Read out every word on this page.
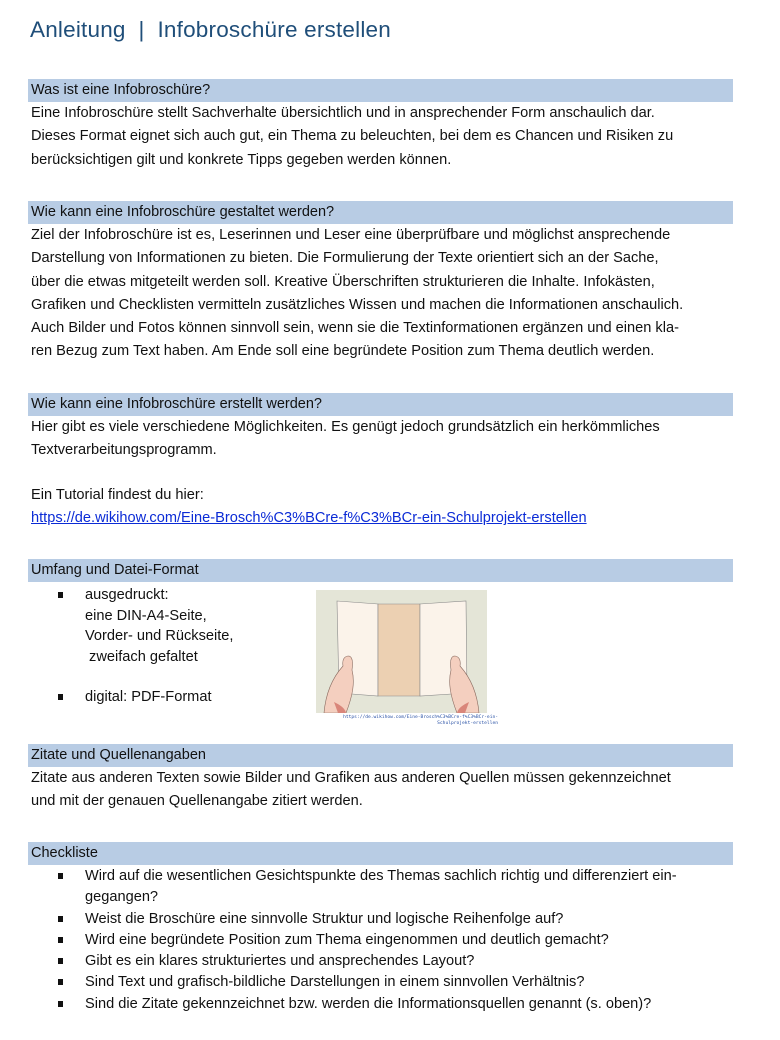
Anleitung  |  Infobroschüre erstellen
Was ist eine Infobroschüre?
Eine Infobroschüre stellt Sachverhalte übersichtlich und in ansprechender Form anschaulich dar.
Dieses Format eignet sich auch gut, ein Thema zu beleuchten, bei dem es Chancen und Risiken zu
berücksichtigen gilt und konkrete Tipps gegeben werden können.
Wie kann eine Infobroschüre gestaltet werden?
Ziel der Infobroschüre ist es, Leserinnen und Leser eine überprüfbare und möglichst ansprechende
Darstellung von Informationen zu bieten. Die Formulierung der Texte orientiert sich an der Sache,
über die etwas mitgeteilt werden soll. Kreative Überschriften strukturieren die Inhalte. Infokästen,
Grafiken und Checklisten vermitteln zusätzliches Wissen und machen die Informationen anschaulich.
Auch Bilder und Fotos können sinnvoll sein, wenn sie die Textinformationen ergänzen und einen kla-
ren Bezug zum Text haben. Am Ende soll eine begründete Position zum Thema deutlich werden.
Wie kann eine Infobroschüre erstellt werden?
Hier gibt es viele verschiedene Möglichkeiten. Es genügt jedoch grundsätzlich ein herkömmliches
Textverarbeitungsprogramm.
Ein Tutorial findest du hier:
https://de.wikihow.com/Eine-Brosch%C3%BCre-f%C3%BCr-ein-Schulprojekt-erstellen
Umfang und Datei-Format
ausgedruckt:
eine DIN-A4-Seite,
Vorder- und Rückseite,
zweifach gefaltet
digital: PDF-Format
https://de.wikihow.com/Eine-Brosch%C3%BCre-f%C3%BCr-ein-
Schulprojekt-erstellen
Zitate und Quellenangaben
Zitate aus anderen Texten sowie Bilder und Grafiken aus anderen Quellen müssen gekennzeichnet
und mit der genauen Quellenangabe zitiert werden.
Checkliste
Wird auf die wesentlichen Gesichtspunkte des Themas sachlich richtig und differenziert ein-
gegangen?
Weist die Broschüre eine sinnvolle Struktur und logische Reihenfolge auf?
Wird eine begründete Position zum Thema eingenommen und deutlich gemacht?
Gibt es ein klares strukturiertes und ansprechendes Layout?
Sind Text und grafisch-bildliche Darstellungen in einem sinnvollen Verhältnis?
Sind die Zitate gekennzeichnet bzw. werden die Informationsquellen genannt (s. oben)?
